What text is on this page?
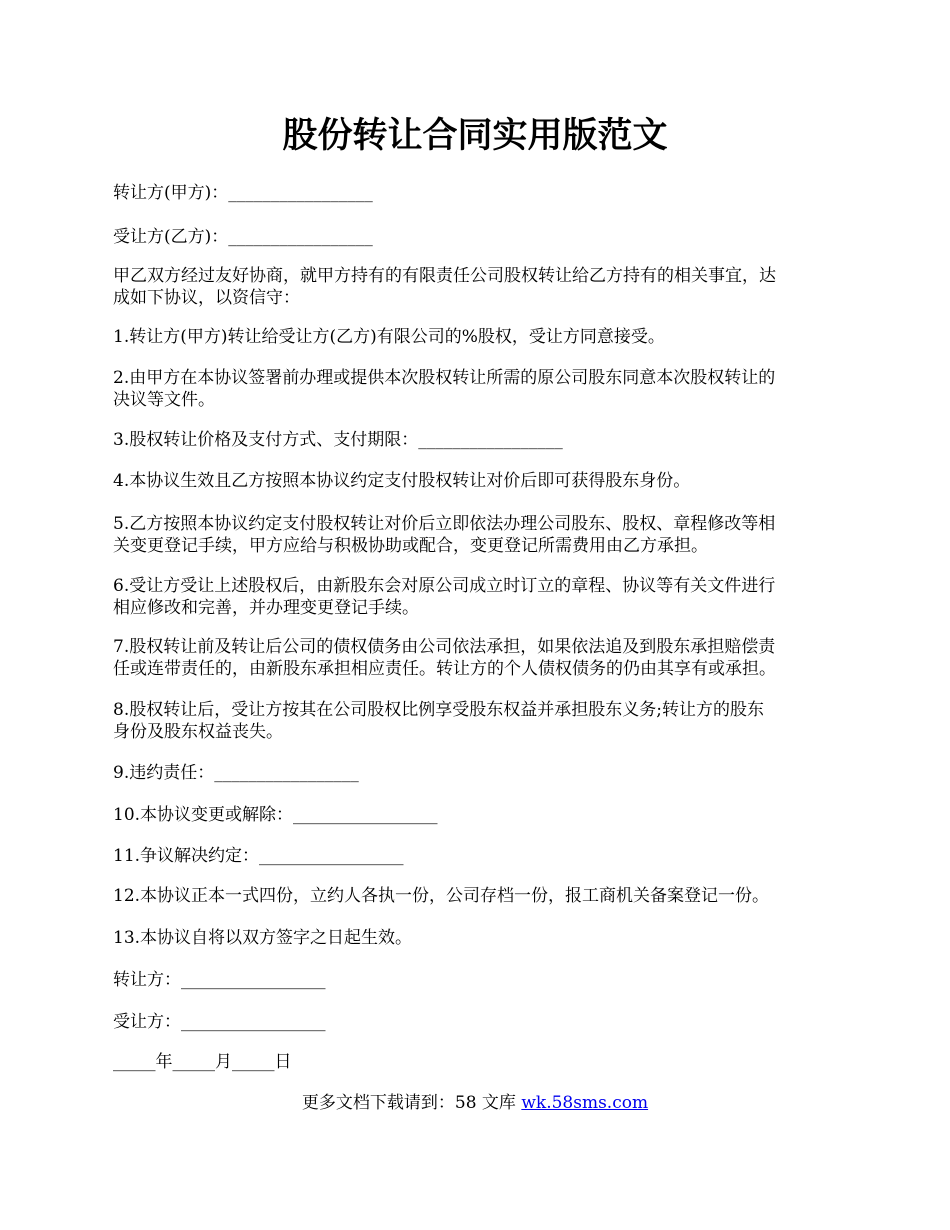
股份转让合同实用版范文

转让方(甲方)：_________________

受让方(乙方)：_________________

甲乙双方经过友好协商，就甲方持有的有限责任公司股权转让给乙方持有的相关事宜，达
成如下协议，以资信守：

1.转让方(甲方)转让给受让方(乙方)有限公司的%股权，受让方同意接受。

2.由甲方在本协议签署前办理或提供本次股权转让所需的原公司股东同意本次股权转让的
决议等文件。

3.股权转让价格及支付方式、支付期限：_________________

4.本协议生效且乙方按照本协议约定支付股权转让对价后即可获得股东身份。

5.乙方按照本协议约定支付股权转让对价后立即依法办理公司股东、股权、章程修改等相
关变更登记手续，甲方应给与积极协助或配合，变更登记所需费用由乙方承担。

6.受让方受让上述股权后，由新股东会对原公司成立时订立的章程、协议等有关文件进行
相应修改和完善，并办理变更登记手续。

7.股权转让前及转让后公司的债权债务由公司依法承担，如果依法追及到股东承担赔偿责
任或连带责任的，由新股东承担相应责任。转让方的个人债权债务的仍由其享有或承担。

8.股权转让后，受让方按其在公司股权比例享受股东权益并承担股东义务;转让方的股东
身份及股东权益丧失。

9.违约责任：_________________

10.本协议变更或解除：_________________

11.争议解决约定：_________________

12.本协议正本一式四份，立约人各执一份，公司存档一份，报工商机关备案登记一份。

13.本协议自将以双方签字之日起生效。

转让方：_________________

受让方：_________________

_____年_____月_____日

更多文档下载请到：58 文库 wk.58sms.com
